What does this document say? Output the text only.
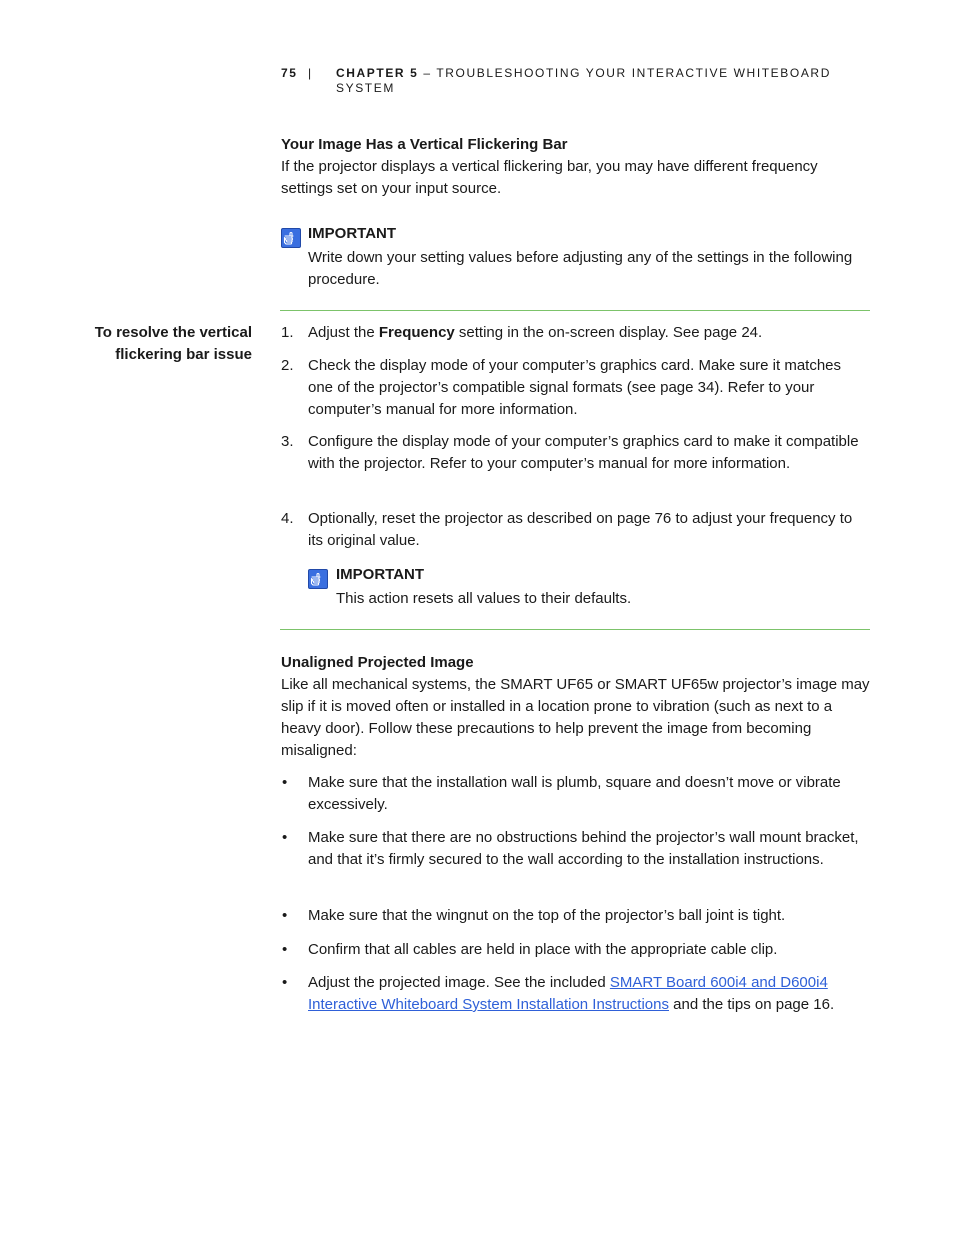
75 | CHAPTER 5 – TROUBLESHOOTING YOUR INTERACTIVE WHITEBOARD SYSTEM
Your Image Has a Vertical Flickering Bar

If the projector displays a vertical flickering bar, you may have different frequency settings set on your input source.

IMPORTANT

Write down your setting values before adjusting any of the settings in the following procedure.

To resolve the vertical
flickering bar issue
1. Adjust the Frequency setting in the on-screen display. See page 24.

2. Check the display mode of your computer’s graphics card. Make sure it matches one of the projector’s compatible signal formats (see page 34). Refer to your computer’s manual for more information.

3. Configure the display mode of your computer’s graphics card to make it compatible with the projector. Refer to your computer’s manual for more information.

4. Optionally, reset the projector as described on page 76 to adjust your frequency to its original value.

IMPORTANT

This action resets all values to their defaults.

Unaligned Projected Image

Like all mechanical systems, the SMART UF65 or SMART UF65w projector’s image may slip if it is moved often or installed in a location prone to vibration (such as next to a heavy door). Follow these precautions to help prevent the image from becoming misaligned:

• Make sure that the installation wall is plumb, square and doesn’t move or vibrate excessively.

• Make sure that there are no obstructions behind the projector’s wall mount bracket, and that it’s firmly secured to the wall according to the installation instructions.

• Make sure that the wingnut on the top of the projector’s ball joint is tight.

• Confirm that all cables are held in place with the appropriate cable clip.

• Adjust the projected image. See the included SMART Board 600i4 and D600i4 Interactive Whiteboard System Installation Instructions and the tips on page 16.
